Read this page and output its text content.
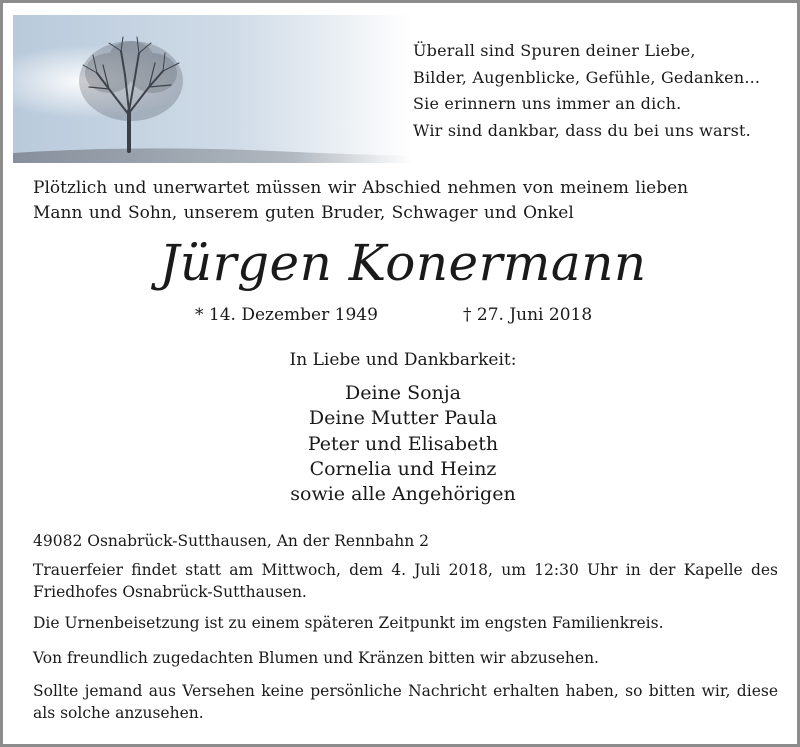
Überall sind Spuren deiner Liebe,
Bilder, Augenblicke, Gefühle, Gedanken...
Sie erinnern uns immer an dich.
Wir sind dankbar, dass du bei uns warst.
Plötzlich und unerwartet müssen wir Abschied nehmen von meinem lieben
Mann und Sohn, unserem guten Bruder, Schwager und Onkel
Jürgen Konermann
* 14. Dezember 1949	† 27. Juni 2018
In Liebe und Dankbarkeit:
Deine Sonja
Deine Mutter Paula
Peter und Elisabeth
Cornelia und Heinz
sowie alle Angehörigen
49082 Osnabrück-Sutthausen, An der Rennbahn 2
Trauerfeier findet statt am Mittwoch, dem 4. Juli 2018, um 12:30 Uhr in der Kapelle des Friedhofes Osnabrück-Sutthausen.
Die Urnenbeisetzung ist zu einem späteren Zeitpunkt im engsten Familienkreis.
Von freundlich zugedachten Blumen und Kränzen bitten wir abzusehen.
Sollte jemand aus Versehen keine persönliche Nachricht erhalten haben, so bitten wir, diese als solche anzusehen.
